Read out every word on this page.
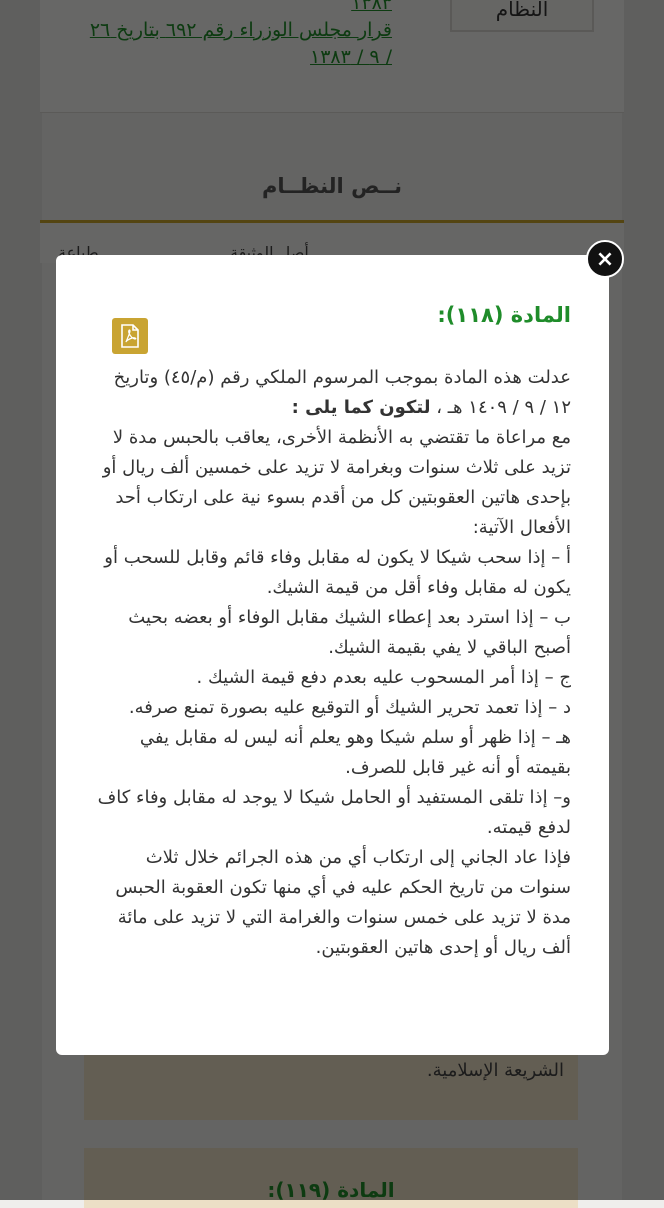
المادة (١١٨):

عدلت هذه المادة بموجب المرسوم الملكي رقم (م/٤٥) وتاريخ ١٢ / ٩ / ١٤٠٩ هـ ، لتكون كما يلى :

مع مراعاة ما تقتضي به الأنظمة الأخرى، يعاقب بالحبس مدة لا تزيد على ثلاث سنوات وبغرامة لا تزيد على خمسين ألف ريال أو بإحدى هاتين العقوبتين كل من أقدم بسوء نية على ارتكاب أحد الأفعال الآتية:

أ – إذا سحب شيكا لا يكون له مقابل وفاء قائم وقابل للسحب أو يكون له مقابل وفاء أقل من قيمة الشيك.

ب – إذا استرد بعد إعطاء الشيك مقابل الوفاء أو بعضه بحيث أصبح الباقي لا يفي بقيمة الشيك.

ج – إذا أمر المسحوب عليه بعدم دفع قيمة الشيك .

د – إذا تعمد تحرير الشيك أو التوقيع عليه بصورة تمنع صرفه.

هـ – إذا ظهر أو سلم شيكا وهو يعلم أنه ليس له مقابل يفي بقيمته أو أنه غير قابل للصرف.

و– إذا تلقى المستفيد أو الحامل شيكا لا يوجد له مقابل وفاء كاف لدفع قيمته.

فإذا عاد الجاني إلى ارتكاب أي من هذه الجرائم خلال ثلاث سنوات من تاريخ الحكم عليه في أي منها تكون العقوبة الحبس مدة لا تزيد على خمس سنوات والغرامة التي لا تزيد على مائة ألف ريال أو إحدى هاتين العقوبتين.

×
